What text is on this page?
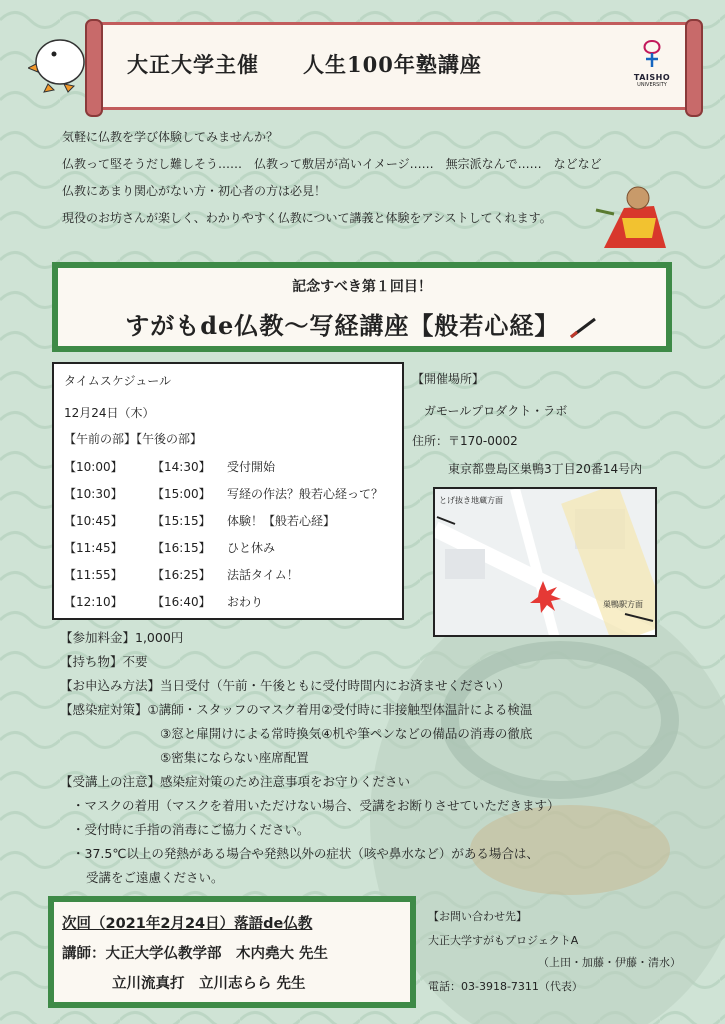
大正大学主催　　人生100年塾講座
TAISHO
UNIVERSITY
気軽に仏教を学び体験してみませんか？
仏教って堅そうだし難しそう……　仏教って敷居が高いイメージ……　無宗派なんで……　などなど
仏教にあまり関心がない方・初心者の方は必見！
現役のお坊さんが楽しく、わかりやすく仏教について講義と体験をアシストしてくれます。
記念すべき第１回目！
すがもde仏教〜写経講座【般若心経】
タイムスケジュール
12月24日（木）
【午前の部】【午後の部】
【10:00】 【14:30】 受付開始
【10:30】 【15:00】 写経の作法？般若心経って？
【10:45】 【15:15】 体験！【般若心経】
【11:45】 【16:15】 ひと休み
【11:55】 【16:25】 法話タイム！
【12:10】 【16:40】 おわり
【開催場所】
ガモールプロダクト・ラボ
住所：〒170-0002
東京都豊島区巣鴨3丁目20番14号内
とげ抜き地蔵方面
巣鴨駅方面
【参加料金】1,000円
【持ち物】不要
【お申込み方法】当日受付（午前・午後ともに受付時間内にお済ませください）
【感染症対策】①講師・スタッフのマスク着用②受付時に非接触型体温計による検温
③窓と扉開けによる常時換気④机や筆ペンなどの備品の消毒の徹底
⑤密集にならない座席配置
【受講上の注意】感染症対策のため注意事項をお守りください
・マスクの着用（マスクを着用いただけない場合、受講をお断りさせていただきます）
・受付時に手指の消毒にご協力ください。
・37.5℃以上の発熱がある場合や発熱以外の症状（咳や鼻水など）がある場合は、
受講をご遠慮ください。
次回（2021年2月24日）落語de仏教
講師：大正大学仏教学部　木内堯大 先生
立川流真打　立川志らら 先生
【お問い合わせ先】
大正大学すがもプロジェクトA
（上田・加藤・伊藤・清水）
電話：03-3918-7311（代表）
